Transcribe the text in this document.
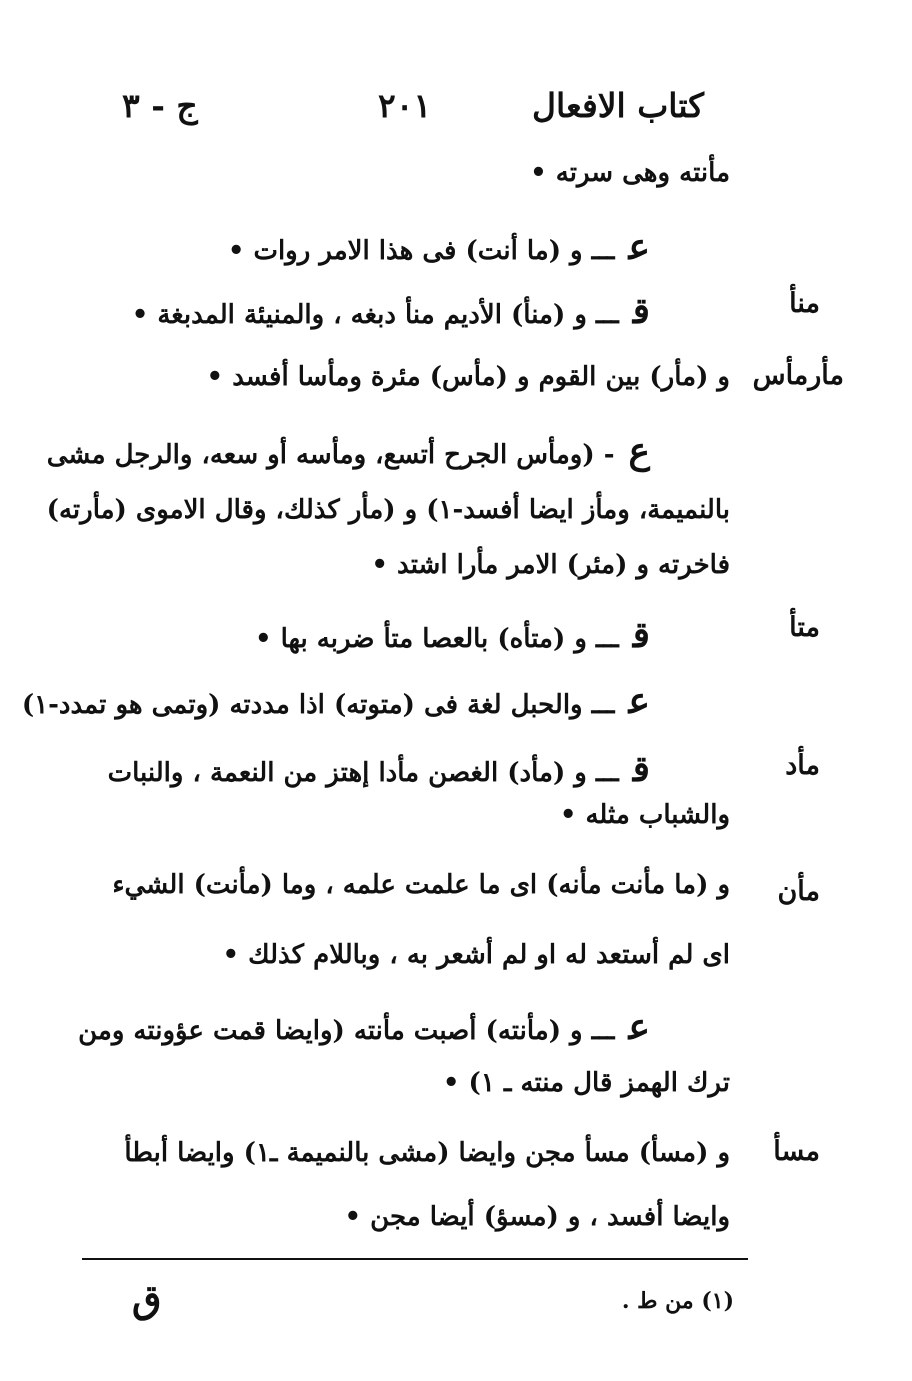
كتاب الافعال
٢٠١
ج - ٣
مأنته وهى سرته •
عـــ و (ما أنت) فى هذا الامر روات •
قـــ و (منأ) الأديم منأ دبغه ، والمنيئة المدبغة •
و (مأر) بين القوم و (مأس) مئرة ومأسا أفسد •
ع- (ومأس الجرح أتسع، ومأسه أو سعه، والرجل مشى
بالنميمة، ومأز ايضا أفسد-١) و (مأر كذلك، وقال الاموى (مأرته)
فاخرته و (مئر) الامر مأرا اشتد •
قـــ و (متأه) بالعصا متأ ضربه بها •
عـــ والحبل لغة فى (متوته) اذا مددته (وتمى هو تمدد-١)
قـــ و (مأد) الغصن مأدا إهتز من النعمة ، والنبات
والشباب مثله •
و (ما مأنت مأنه) اى ما علمت علمه ، وما (مأنت) الشيء
اى لم أستعد له او لم أشعر به ، وباللام كذلك •
عـــ و (مأنته) أصبت مأنته (وايضا قمت عؤونته ومن
ترك الهمز قال منته ـ ١) •
و (مسأ) مسأ مجن وايضا (مشى بالنميمة ـ١) وايضا أبطأ
وايضا أفسد ، و (مسؤ) أيضا مجن •
منأ
مأرمأس
متأ
مأد
مأن
مسأ
(١) من ط .
ق
